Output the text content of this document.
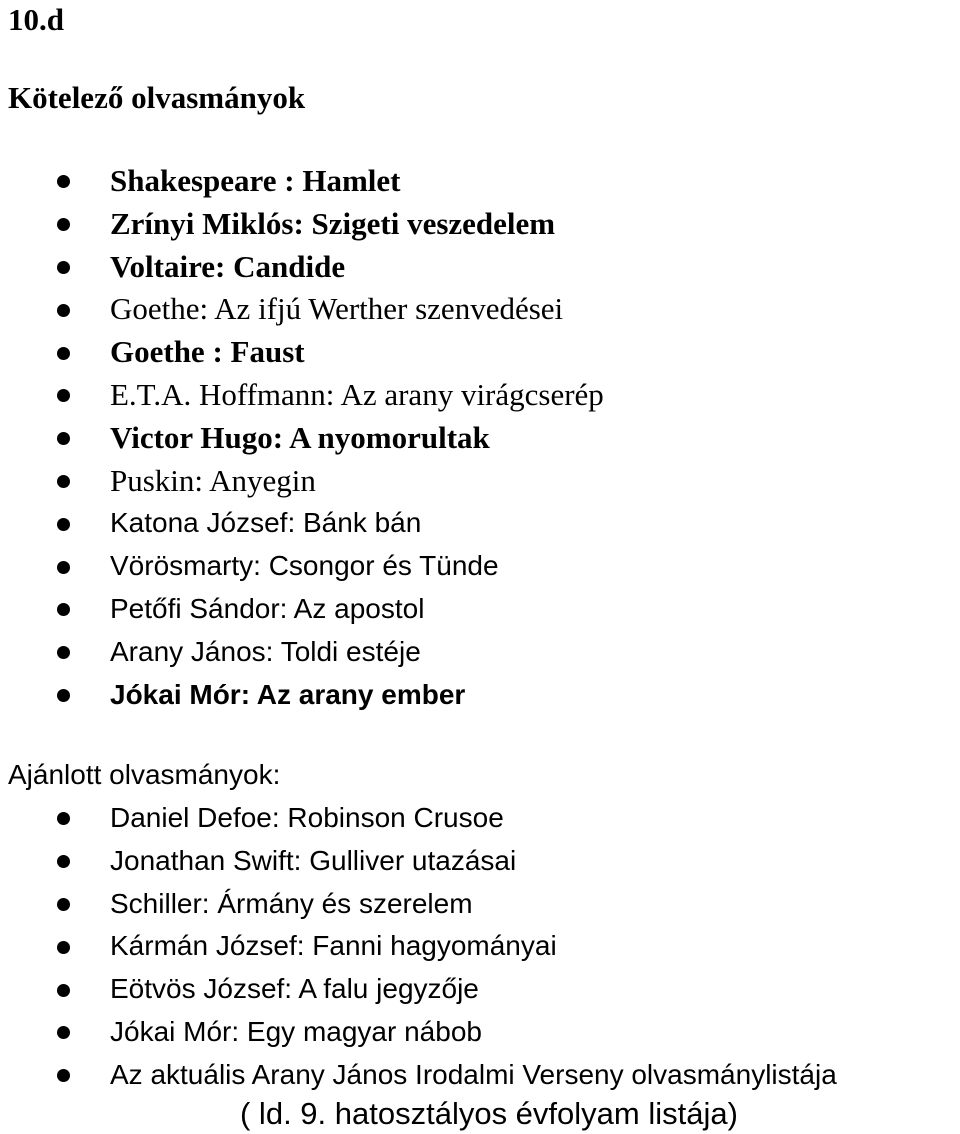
10.d
Kötelező olvasmányok
Shakespeare : Hamlet
Zrínyi Miklós: Szigeti veszedelem
Voltaire: Candide
Goethe: Az ifjú Werther szenvedései
Goethe : Faust
E.T.A. Hoffmann: Az arany virágcserép
Victor Hugo: A nyomorultak
Puskin: Anyegin
Katona József: Bánk bán
Vörösmarty: Csongor és Tünde
Petőfi Sándor: Az apostol
Arany János: Toldi estéje
Jókai Mór: Az arany ember
Ajánlott olvasmányok:
Daniel Defoe: Robinson Crusoe
Jonathan Swift: Gulliver utazásai
Schiller: Ármány és szerelem
Kármán József: Fanni hagyományai
Eötvös József: A falu jegyzője
Jókai Mór: Egy magyar nábob
Az aktuális Arany János Irodalmi Verseny olvasmánylistája
( ld. 9. hatosztályos évfolyam listája)
